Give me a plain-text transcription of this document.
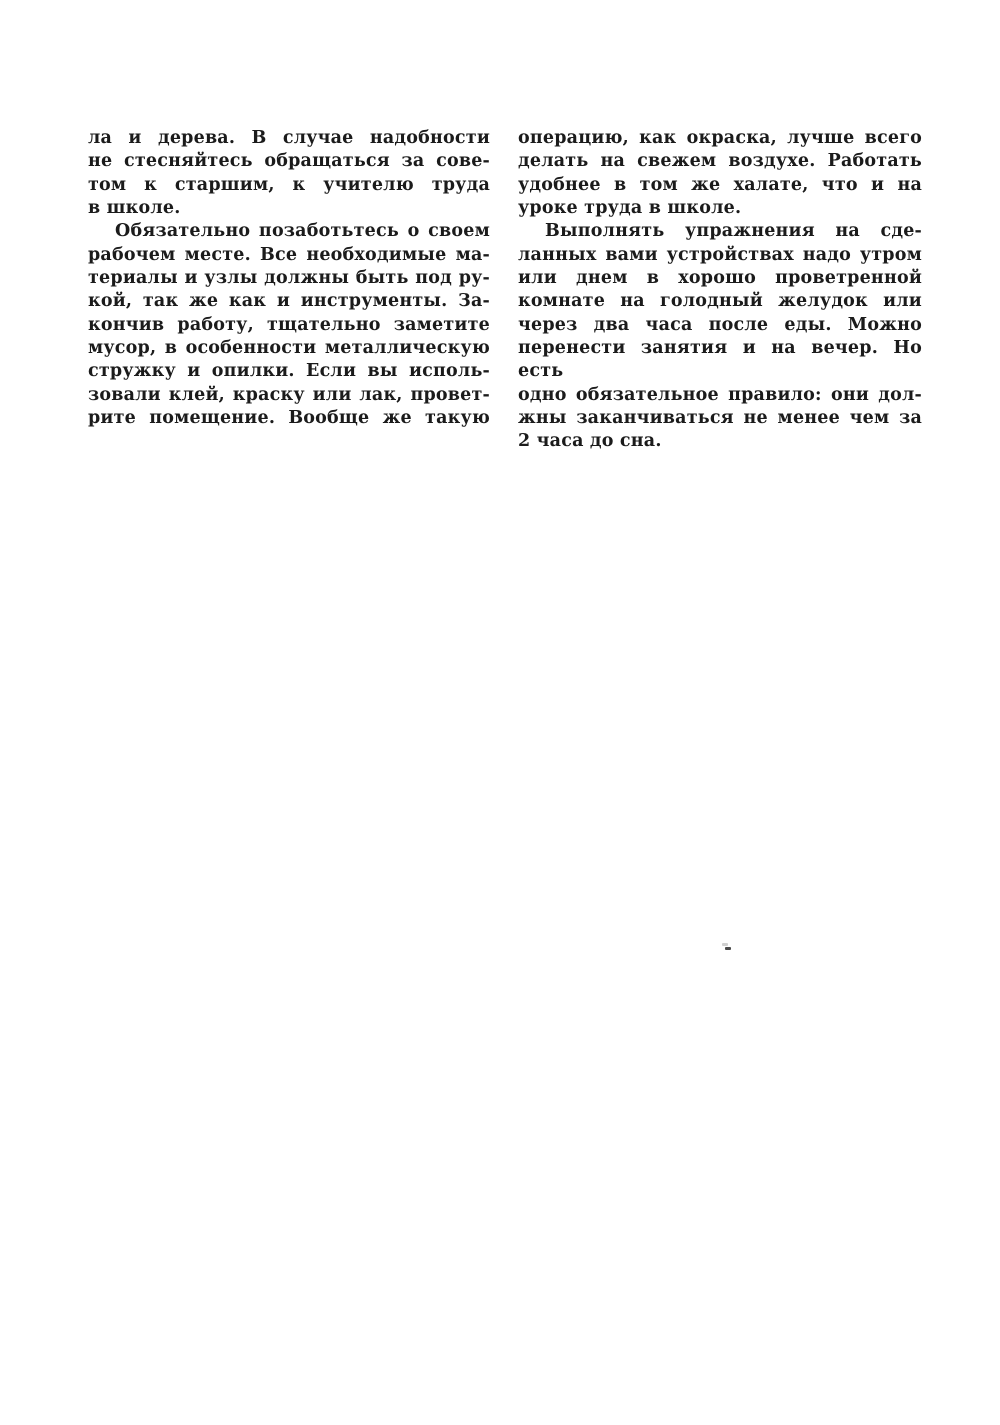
ла и дерева. В случае надобности
не стесняйтесь обращаться за сове-
том к старшим, к учителю труда
в школе.
Обязательно позаботьтесь о своем
рабочем месте. Все необходимые ма-
териалы и узлы должны быть под ру-
кой, так же как и инструменты. За-
кончив работу, тщательно заметите
мусор, в особенности металлическую
стружку и опилки. Если вы исполь-
зовали клей, краску или лак, провет-
рите помещение. Вообще же такую
операцию, как окраска, лучше всего
делать на свежем воздухе. Работать
удобнее в том же халате, что и на
уроке труда в школе.
Выполнять упражнения на сде-
ланных вами устройствах надо утром
или днем в хорошо проветренной
комнате на голодный желудок или
через два часа после еды. Можно
перенести занятия и на вечер. Но есть
одно обязательное правило: они дол-
жны заканчиваться не менее чем за
2 часа до сна.
